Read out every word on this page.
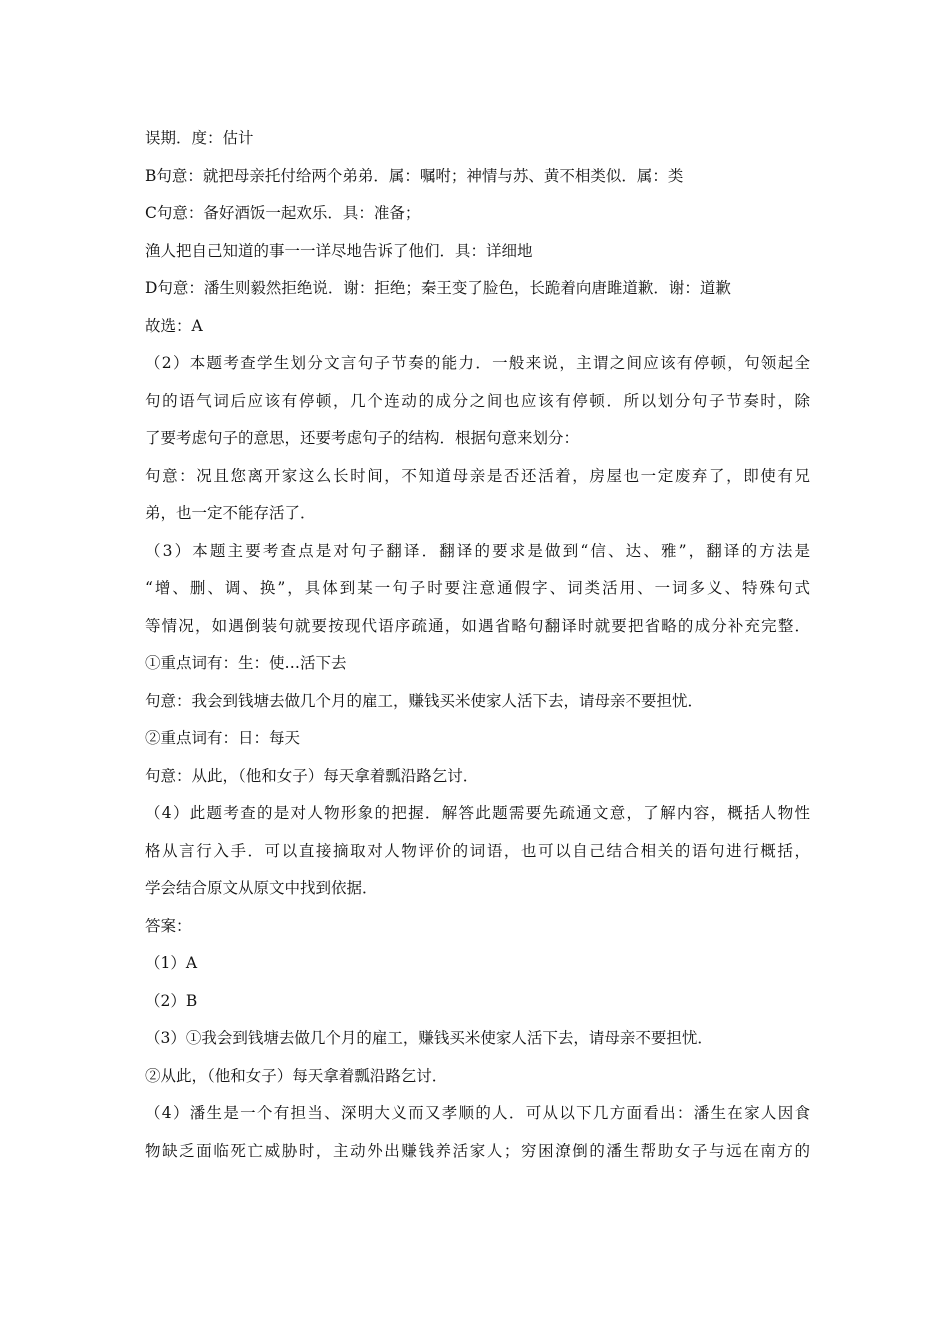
误期．度：估计
B句意：就把母亲托付给两个弟弟．属：嘱咐；神情与苏、黄不相类似．属：类
C句意：备好酒饭一起欢乐．具：准备；
渔人把自己知道的事一一详尽地告诉了他们．具：详细地
D句意：潘生则毅然拒绝说．谢：拒绝；秦王变了脸色，长跪着向唐雎道歉．谢：道歉
故选：A
（2）本题考查学生划分文言句子节奏的能力．一般来说，主谓之间应该有停顿，句领起全
句的语气词后应该有停顿，几个连动的成分之间也应该有停顿．所以划分句子节奏时，除
了要考虑句子的意思，还要考虑句子的结构．根据句意来划分：
句意：况且您离开家这么长时间，不知道母亲是否还活着，房屋也一定废弃了，即使有兄
弟，也一定不能存活了．
（3）本题主要考查点是对句子翻译．翻译的要求是做到“信、达、雅”，翻译的方法是
“增、删、调、换”，具体到某一句子时要注意通假字、词类活用、一词多义、特殊句式
等情况，如遇倒装句就要按现代语序疏通，如遇省略句翻译时就要把省略的成分补充完整．
①重点词有：生：使…活下去
句意：我会到钱塘去做几个月的雇工，赚钱买米使家人活下去，请母亲不要担忧．
②重点词有：日：每天
句意：从此，（他和女子）每天拿着瓢沿路乞讨．
（4）此题考查的是对人物形象的把握．解答此题需要先疏通文意，了解内容，概括人物性
格从言行入手．可以直接摘取对人物评价的词语，也可以自己结合相关的语句进行概括，
学会结合原文从原文中找到依据．
答案：
（1）A
（2）B
（3）①我会到钱塘去做几个月的雇工，赚钱买米使家人活下去，请母亲不要担忧．
②从此，（他和女子）每天拿着瓢沿路乞讨．
（4）潘生是一个有担当、深明大义而又孝顺的人．可从以下几方面看出：潘生在家人因食
物缺乏面临死亡威胁时，主动外出赚钱养活家人；穷困潦倒的潘生帮助女子与远在南方的
